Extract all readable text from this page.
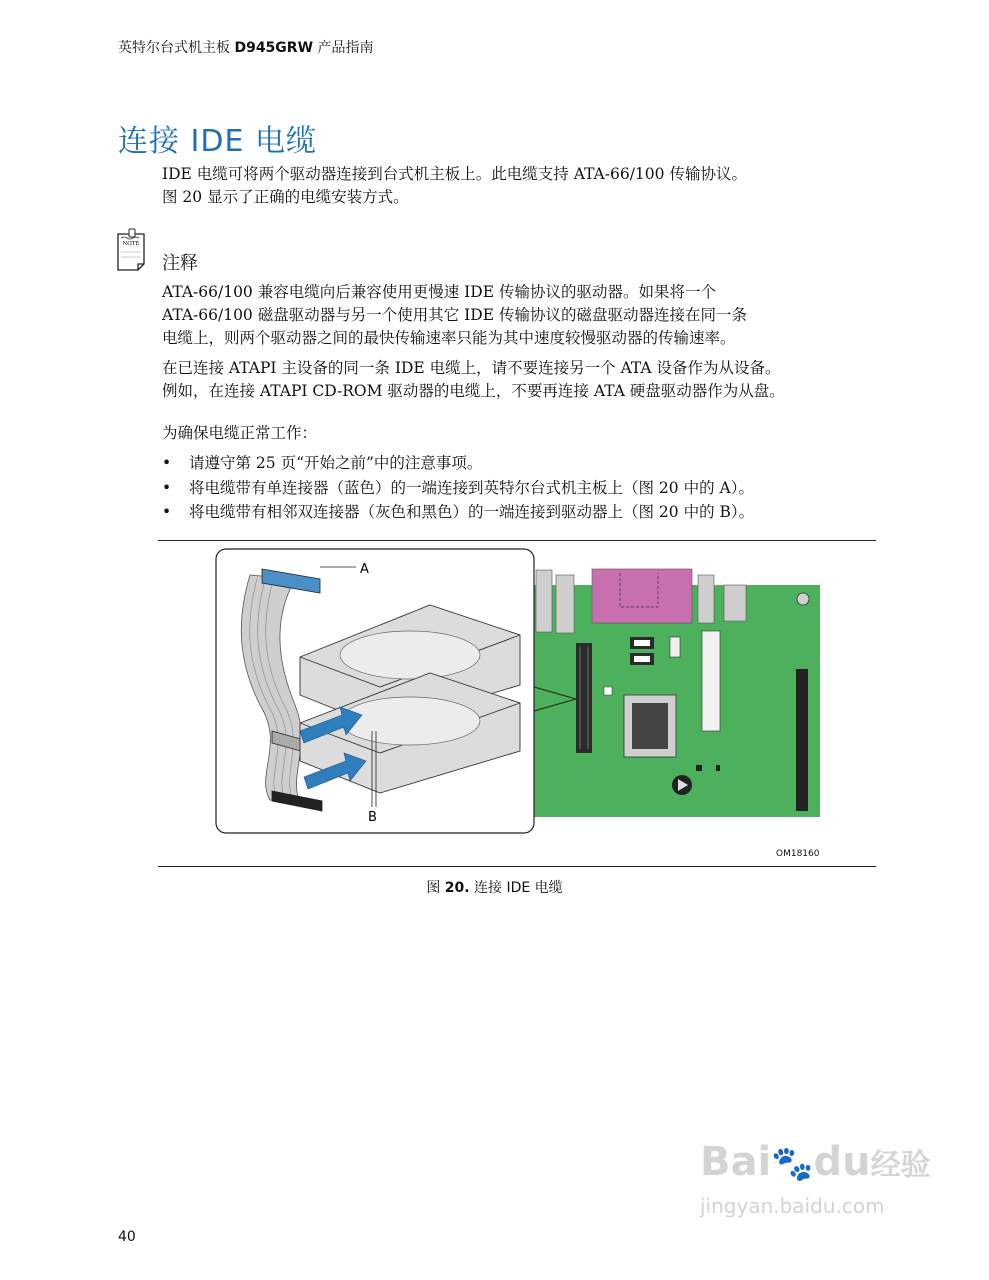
英特尔台式机主板 D945GRW 产品指南
连接 IDE 电缆
IDE 电缆可将两个驱动器连接到台式机主板上。此电缆支持 ATA-66/100 传输协议。
图 20 显示了正确的电缆安装方式。
NOTE
注释
ATA-66/100 兼容电缆向后兼容使用更慢速 IDE 传输协议的驱动器。如果将一个
ATA-66/100 磁盘驱动器与另一个使用其它 IDE 传输协议的磁盘驱动器连接在同一条
电缆上，则两个驱动器之间的最快传输速率只能为其中速度较慢驱动器的传输速率。
在已连接 ATAPI 主设备的同一条 IDE 电缆上，请不要连接另一个 ATA 设备作为从设备。
例如，在连接 ATAPI CD-ROM 驱动器的电缆上，不要再连接 ATA 硬盘驱动器作为从盘。
为确保电缆正常工作：
• 请遵守第 25 页“开始之前”中的注意事项。
• 将电缆带有单连接器（蓝色）的一端连接到英特尔台式机主板上（图 20 中的 A）。
• 将电缆带有相邻双连接器（灰色和黑色）的一端连接到驱动器上（图 20 中的 B）。
A
B
OM18160
图 20. 连接 IDE 电缆
Bai🐾du经验
jingyan.baidu.com
40
